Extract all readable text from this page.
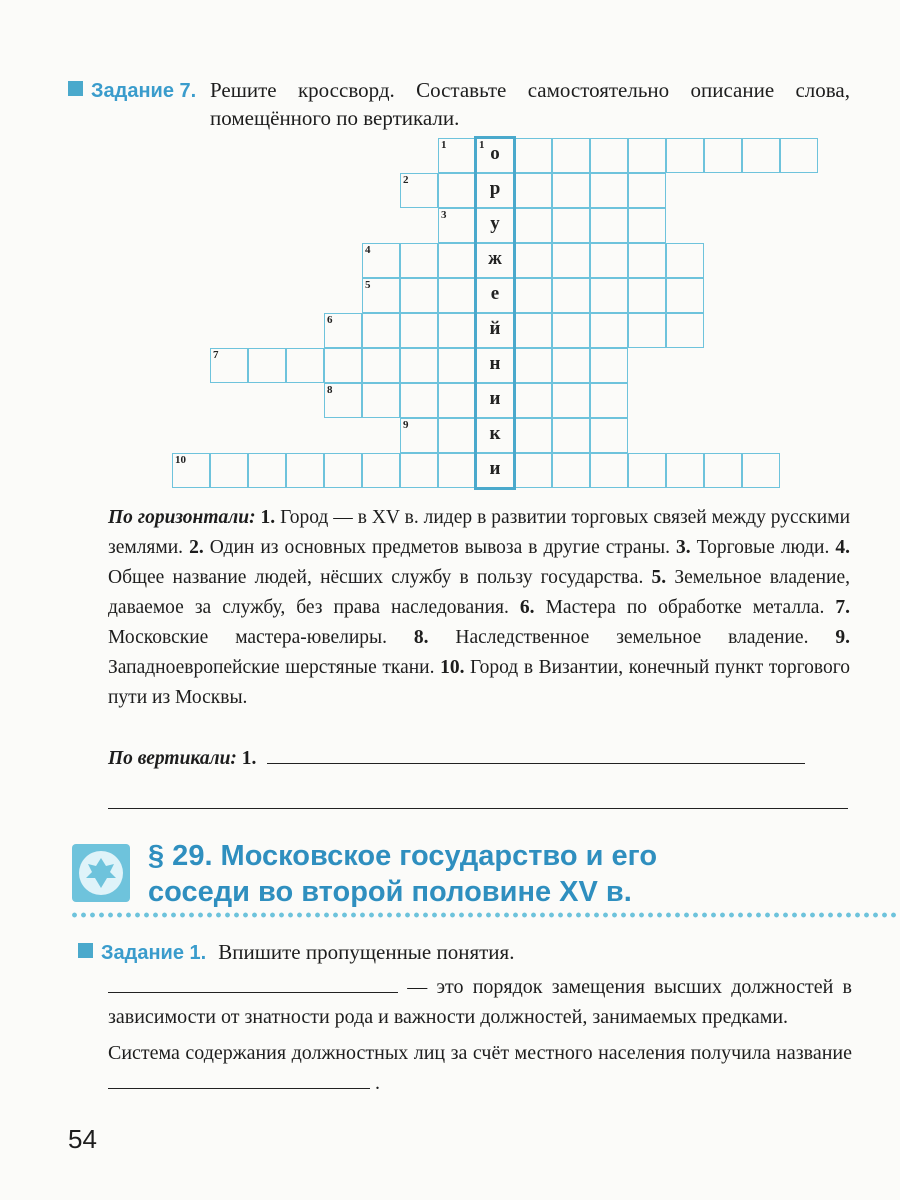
Задание 7. Решите кроссворд. Составьте самостоятельно описание слова, помещённого по вертикали.
1	1 о
2	р
3	у
4	ж
5	е
6	й
7	н
8	и
9	к
10	и
По горизонтали: 1. Город — в XV в. лидер в развитии торговых связей между русскими землями. 2. Один из основных предметов вывоза в другие страны. 3. Торговые люди. 4. Общее название людей, нёсших службу в пользу государства. 5. Земельное владение, даваемое за службу, без права наследования. 6. Мастера по обработке металла. 7. Московские мастера-ювелиры. 8. Наследственное земельное владение. 9. Западноевропейские шерстяные ткани. 10. Город в Византии, конечный пункт торгового пути из Москвы.
По вертикали: 1.
§ 29. Московское государство и его
соседи во второй половине XV в.
Задание 1. Впишите пропущенные понятия.
— это порядок замещения высших должностей в зависимости от знатности рода и важности должностей, занимаемых предками.
Система содержания должностных лиц за счёт местного населения получила название  .
54
